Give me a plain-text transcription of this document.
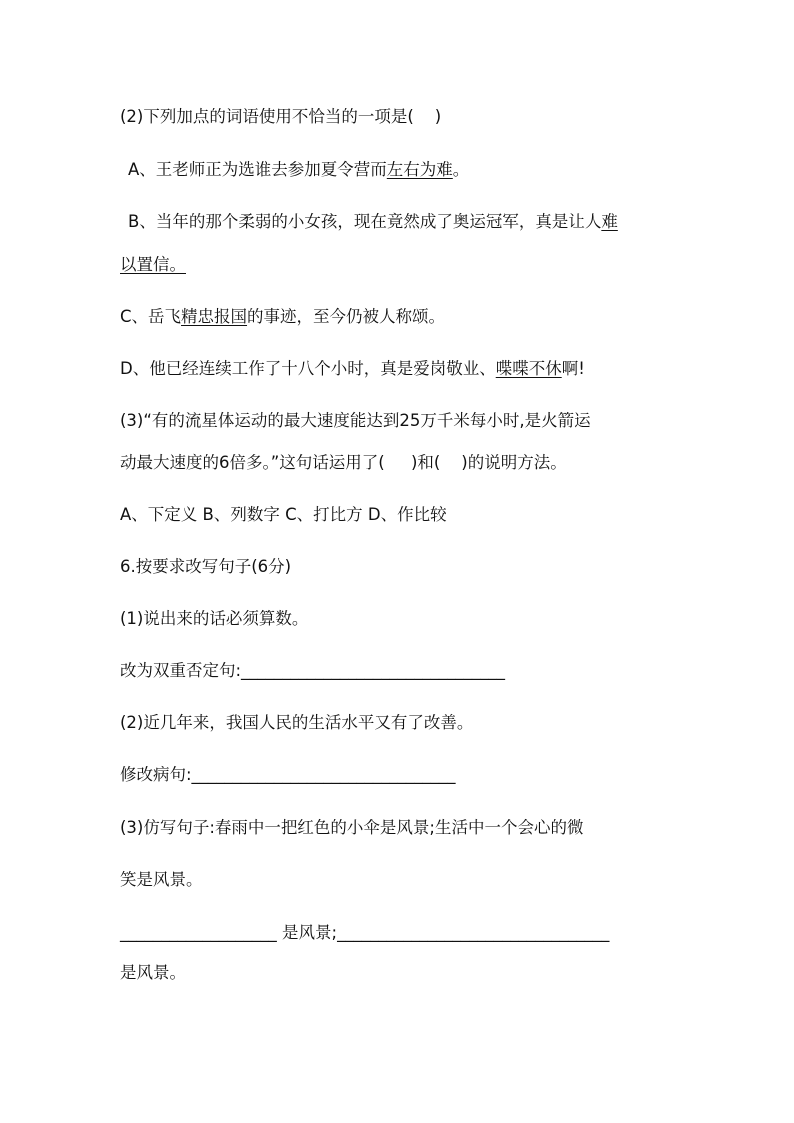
(2)下列加点的词语使用不恰当的一项是(    )
A、王老师正为选谁去参加夏令营而左右为难。
B、当年的那个柔弱的小女孩，现在竟然成了奥运冠军，真是让人难
以置信。
C、岳飞精忠报国的事迹，至今仍被人称颂。
D、他已经连续工作了十八个小时，真是爱岗敬业、喋喋不休啊!
(3)“有的流星体运动的最大速度能达到25万千米每小时,是火箭运
动最大速度的6倍多。”这句话运用了(     )和(    )的说明方法。
A、下定义 B、列数字 C、打比方 D、作比较
6.按要求改写句子(6分)
(1)说出来的话必须算数。
改为双重否定句:________________________________
(2)近几年来，我国人民的生活水平又有了改善。
修改病句:________________________________
(3)仿写句子:春雨中一把红色的小伞是风景;生活中一个会心的微
笑是风景。
___________________ 是风景;_________________________________
是风景。
